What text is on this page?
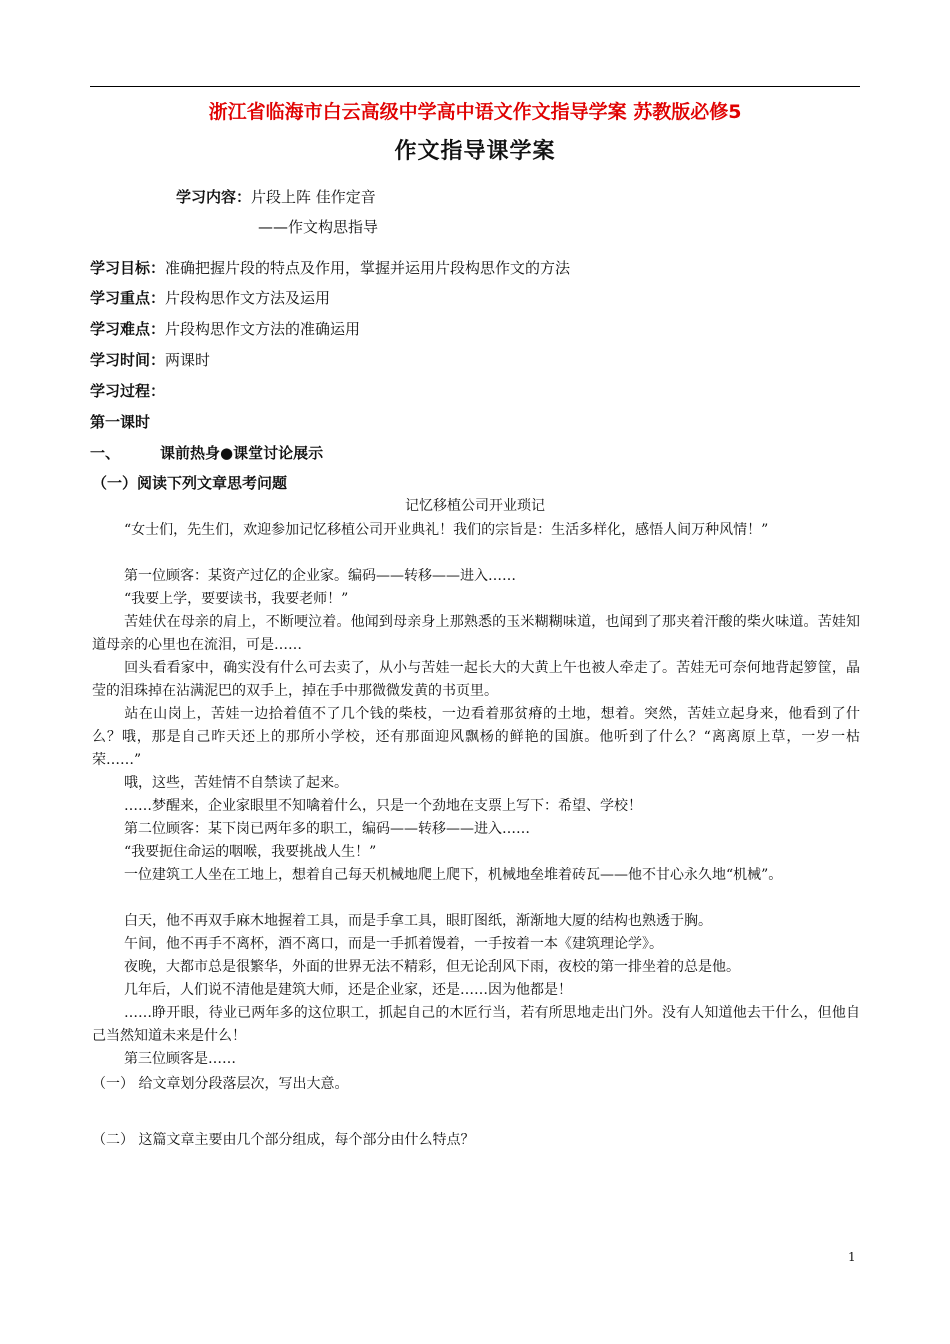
浙江省临海市白云高级中学高中语文作文指导学案 苏教版必修5
作文指导课学案
学习内容：片段上阵 佳作定音
——作文构思指导
学习目标：准确把握片段的特点及作用，掌握并运用片段构思作文的方法
学习重点：片段构思作文方法及运用
学习难点：片段构思作文方法的准确运用
学习时间：两课时
学习过程：
第一课时
一、	课前热身●课堂讨论展示
（一）阅读下列文章思考问题
记忆移植公司开业琐记
“女士们，先生们，欢迎参加记忆移植公司开业典礼！我们的宗旨是：生活多样化，感悟人间万种风情！”
第一位顾客：某资产过亿的企业家。编码——转移——进入……
“我要上学，要要读书，我要老师！”
苦娃伏在母亲的肩上，不断哽泣着。他闻到母亲身上那熟悉的玉米糊糊味道，也闻到了那夹着汗酸的柴火味道。苦娃知道母亲的心里也在流泪，可是……
回头看看家中，确实没有什么可去卖了，从小与苦娃一起长大的大黄上午也被人牵走了。苦娃无可奈何地背起箩筐，晶莹的泪珠掉在沾满泥巴的双手上，掉在手中那微微发黄的书页里。
站在山岗上，苦娃一边拾着值不了几个钱的柴枝，一边看着那贫瘠的土地，想着。突然，苦娃立起身来，他看到了什么？哦，那是自己昨天还上的那所小学校，还有那面迎风飘杨的鲜艳的国旗。他听到了什么？“离离原上草，一岁一枯荣……”
哦，这些，苦娃情不自禁读了起来。
……梦醒来，企业家眼里不知噙着什么，只是一个劲地在支票上写下：希望、学校！
第二位顾客：某下岗已两年多的职工，编码——转移——进入……
“我要扼住命运的咽喉，我要挑战人生！”
一位建筑工人坐在工地上，想着自己每天机械地爬上爬下，机械地垒堆着砖瓦——他不甘心永久地“机械”。
白天，他不再双手麻木地握着工具，而是手拿工具，眼盯图纸，渐渐地大厦的结构也熟透于胸。
午间，他不再手不离杯，酒不离口，而是一手抓着馒着，一手按着一本《建筑理论学》。
夜晚，大都市总是很繁华，外面的世界无法不精彩，但无论刮风下雨，夜校的第一排坐着的总是他。
几年后，人们说不清他是建筑大师，还是企业家，还是……因为他都是！
……睁开眼，待业已两年多的这位职工，抓起自己的木匠行当，若有所思地走出门外。没有人知道他去干什么，但他自己当然知道未来是什么！
第三位顾客是……
（一） 给文章划分段落层次，写出大意。
（二） 这篇文章主要由几个部分组成，每个部分由什么特点？
1
